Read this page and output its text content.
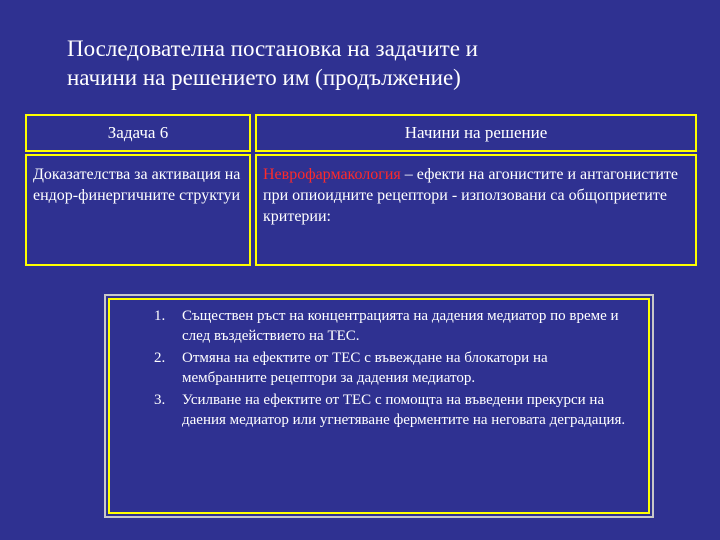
Последователна постановка на задачите и
начини на решението им (продължение)
Задача 6	Начини на решение
Доказателства за активация на ендор-финергичните структуи
Неврофармакология – ефекти на агонистите и антагонистите при опиоидните рецептори - използовани са общоприетите критерии:
1. Съществен ръст на концентрацията на дадения медиатор по време и след въздействието на ТЕС.
2. Отмяна на ефектите от ТЕС с въвеждане на блокатори на мембранните рецептори за дадения медиатор.
3. Усилване на ефектите от ТЕС с помощта на въведени прекурси на даения медиатор или угнетяване ферментите на неговата деградация.
